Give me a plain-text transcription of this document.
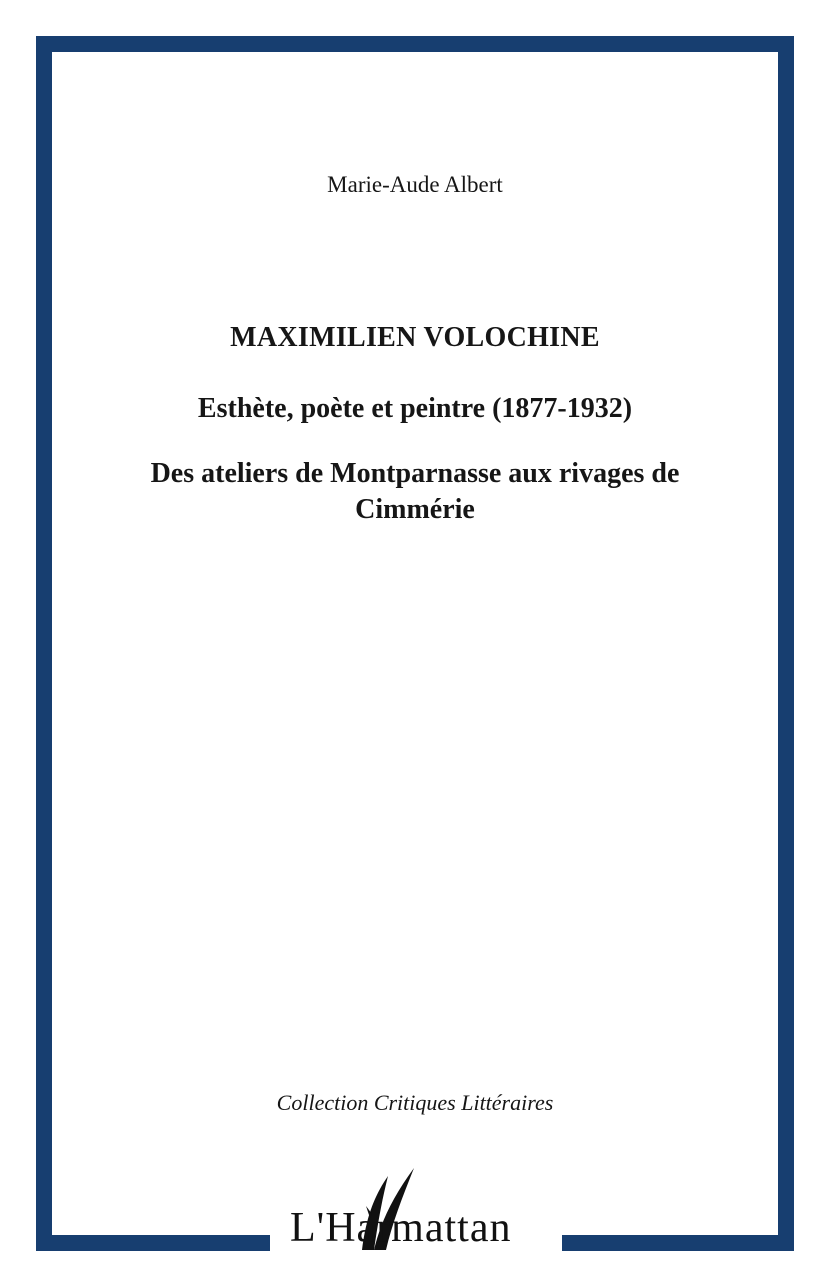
Marie-Aude Albert
MAXIMILIEN VOLOCHINE
Esthète, poète et peintre (1877-1932)
Des ateliers de Montparnasse aux rivages de Cimmérie
Collection Critiques Littéraires
L'Harmattan
